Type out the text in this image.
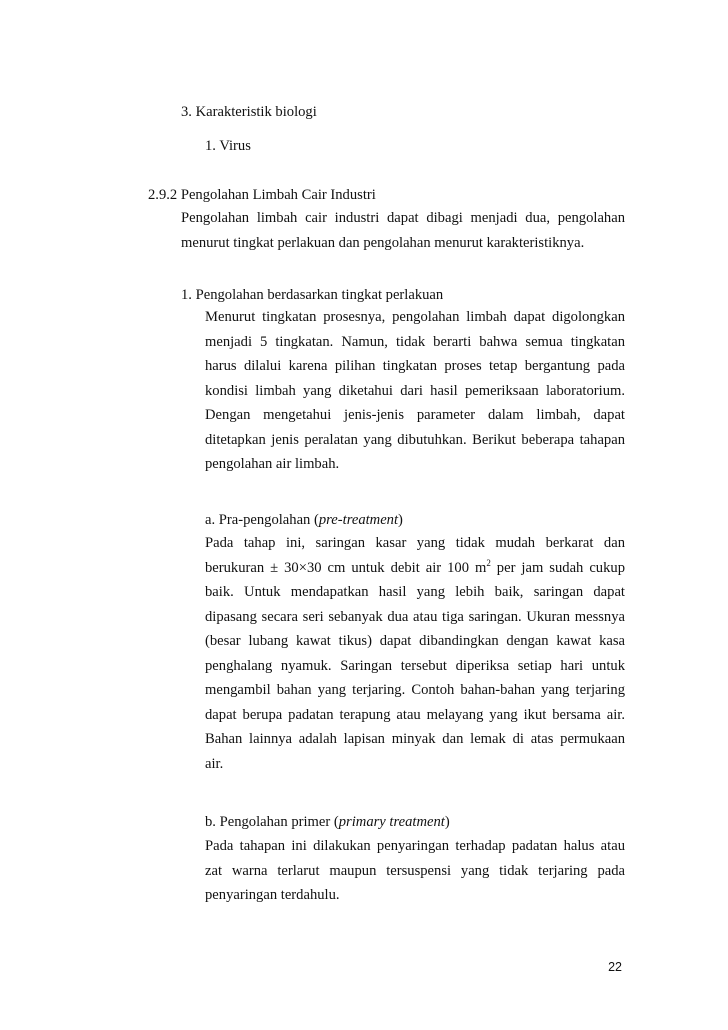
3. Karakteristik biologi
1. Virus
2.9.2 Pengolahan Limbah Cair Industri
Pengolahan limbah cair industri dapat dibagi menjadi dua, pengolahan
menurut tingkat perlakuan dan pengolahan menurut karakteristiknya.
1. Pengolahan berdasarkan tingkat perlakuan
Menurut tingkatan prosesnya, pengolahan limbah dapat digolongkan
menjadi 5 tingkatan. Namun, tidak berarti bahwa semua tingkatan
harus dilalui karena pilihan tingkatan proses tetap bergantung pada
kondisi limbah yang diketahui dari hasil pemeriksaan laboratorium.
Dengan mengetahui jenis-jenis parameter dalam limbah, dapat
ditetapkan jenis peralatan yang dibutuhkan. Berikut beberapa tahapan
pengolahan air limbah.
a. Pra-pengolahan (pre-treatment)
Pada tahap ini, saringan kasar yang tidak mudah berkarat dan
berukuran ± 30×30 cm untuk debit air 100 $m^2$ per jam sudah cukup
baik. Untuk mendapatkan hasil yang lebih baik, saringan dapat
dipasang secara seri sebanyak dua atau tiga saringan. Ukuran messnya
(besar lubang kawat tikus) dapat dibandingkan dengan kawat kasa
penghalang nyamuk. Saringan tersebut diperiksa setiap hari untuk
mengambil bahan yang terjaring. Contoh bahan-bahan yang terjaring
dapat berupa padatan terapung atau melayang yang ikut bersama air.
Bahan lainnya adalah lapisan minyak dan lemak di atas permukaan
air.
b. Pengolahan primer (primary treatment)
Pada tahapan ini dilakukan penyaringan terhadap padatan halus atau
zat warna terlarut maupun tersuspensi yang tidak terjaring pada
penyaringan terdahulu.
22
